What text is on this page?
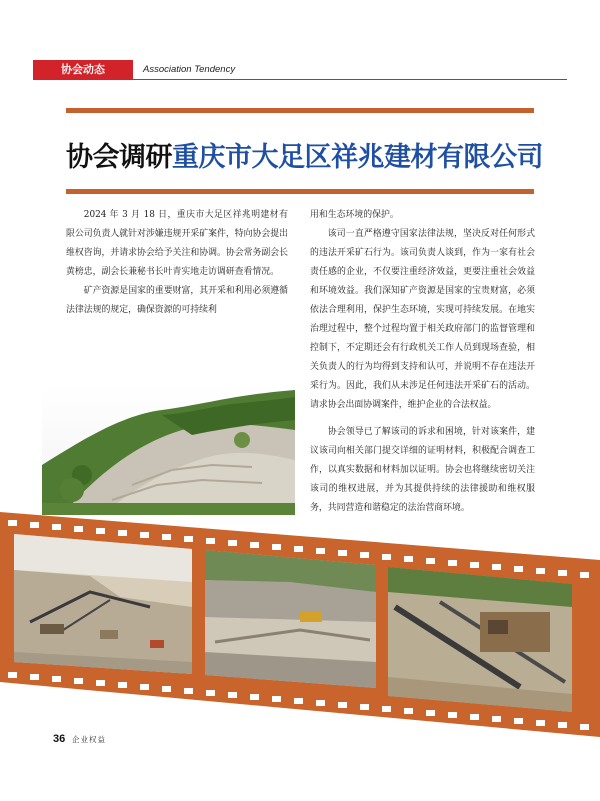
协会动态	Association Tendency
协会调研重庆市大足区祥兆建材有限公司

2024 年 3 月 18 日，重庆市大足区祥兆明建材有限公司负责人就针对涉嫌违规开采矿案件，特向协会提出维权咨询，并请求协会给予关注和协调。协会常务副会长黄榜忠，副会长兼秘书长叶青实地走访调研查看情况。

矿产资源是国家的重要财富，其开采和利用必须遵循法律法规的规定，确保资源的可持续利

用和生态环境的保护。

该司一直严格遵守国家法律法规，坚决反对任何形式的违法开采矿石行为。该司负责人谈到，作为一家有社会责任感的企业，不仅要注重经济效益，更要注重社会效益和环境效益。我们深知矿产资源是国家的宝贵财富，必须依法合理利用，保护生态环境，实现可持续发展。在地实治理过程中，整个过程均置于相关政府部门的监督管理和控制下，不定期还会有行政机关工作人员到现场查验，相关负责人的行为均得到支持和认可，并说明不存在违法开采行为。因此，我们从未涉足任何违法开采矿石的活动。请求协会出面协调案件，维护企业的合法权益。

协会领导已了解该司的诉求和困境，针对该案件，建议该司向相关部门提交详细的证明材料，积极配合调查工作，以真实数据和材料加以证明。协会也将继续密切关注该司的维权进展，并为其提供持续的法律援助和维权服务，共同营造和谐稳定的法治营商环境。

36 企业权益
